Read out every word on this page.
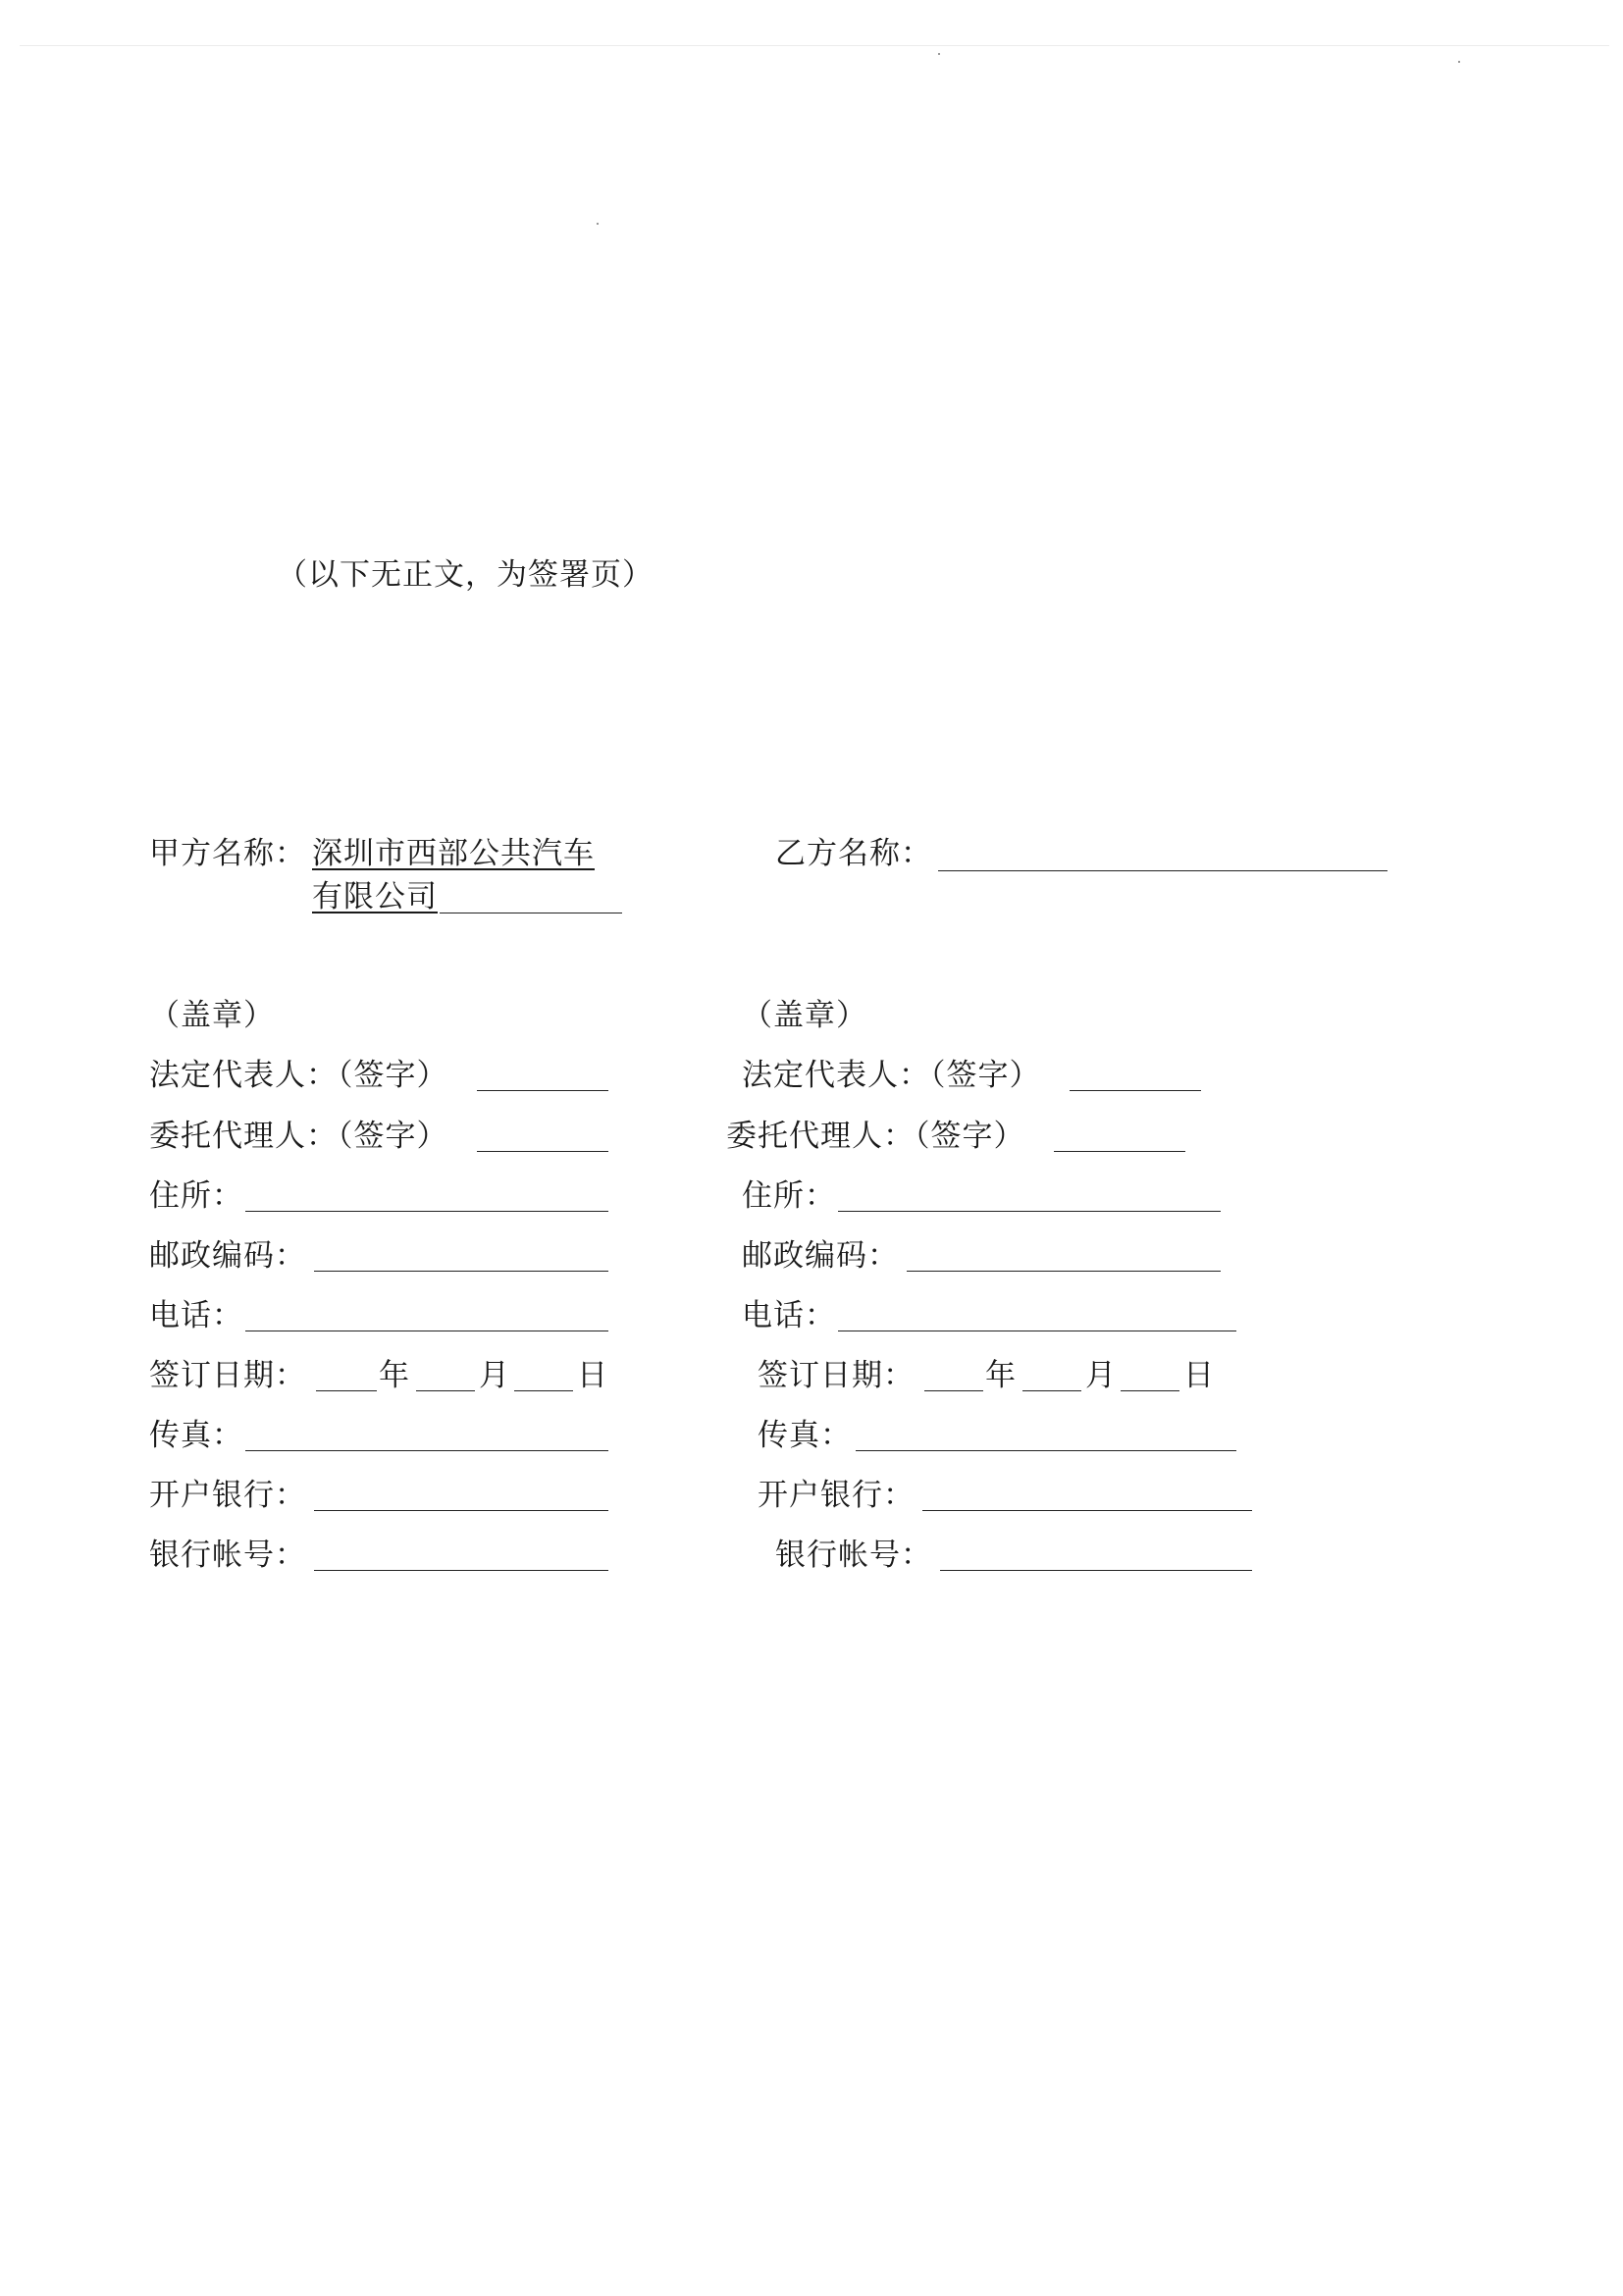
（以下无正文，为签署页）
甲方名称： 深圳市西部公共汽车
有限公司
（盖章）
法定代表人：（签字）
委托代理人：（签字）
住所：
邮政编码：
电话：
签订日期： 年 月 日
传真：
开户银行：
银行帐号：
乙方名称：
（盖章）
法定代表人：（签字）
委托代理人：（签字）
住所：
邮政编码：
电话：
签订日期： 年 月 日
传真：
开户银行：
银行帐号：
